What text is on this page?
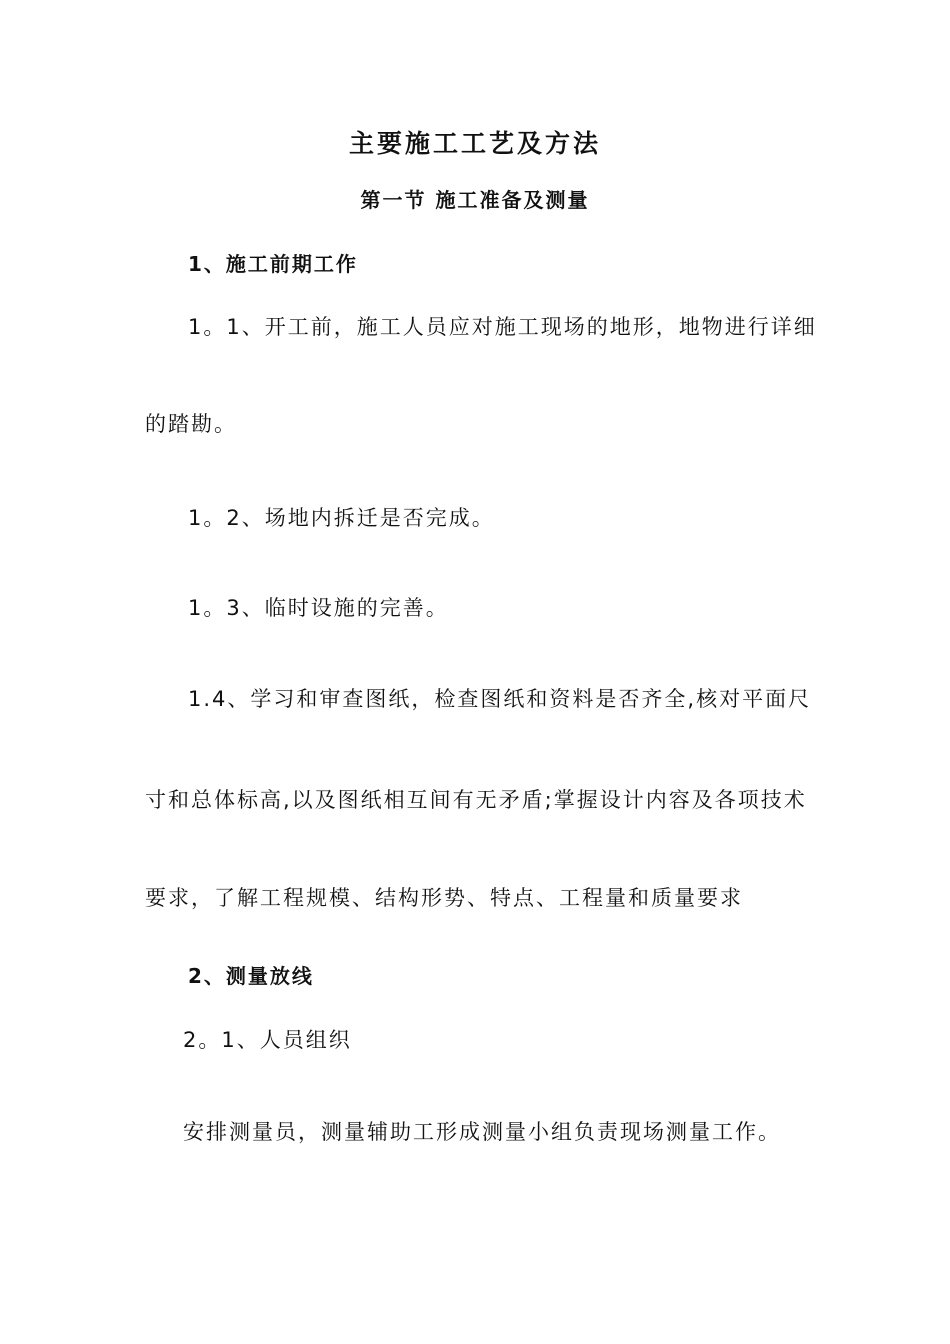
主要施工工艺及方法
第一节 施工准备及测量
1、施工前期工作
1。1、开工前，施工人员应对施工现场的地形，地物进行详细
的踏勘。
1。2、场地内拆迁是否完成。
1。3、临时设施的完善。
1.4、学习和审查图纸，检查图纸和资料是否齐全,核对平面尺
寸和总体标高,以及图纸相互间有无矛盾;掌握设计内容及各项技术
要求，了解工程规模、结构形势、特点、工程量和质量要求
2、测量放线
2。1、人员组织
安排测量员，测量辅助工形成测量小组负责现场测量工作。
